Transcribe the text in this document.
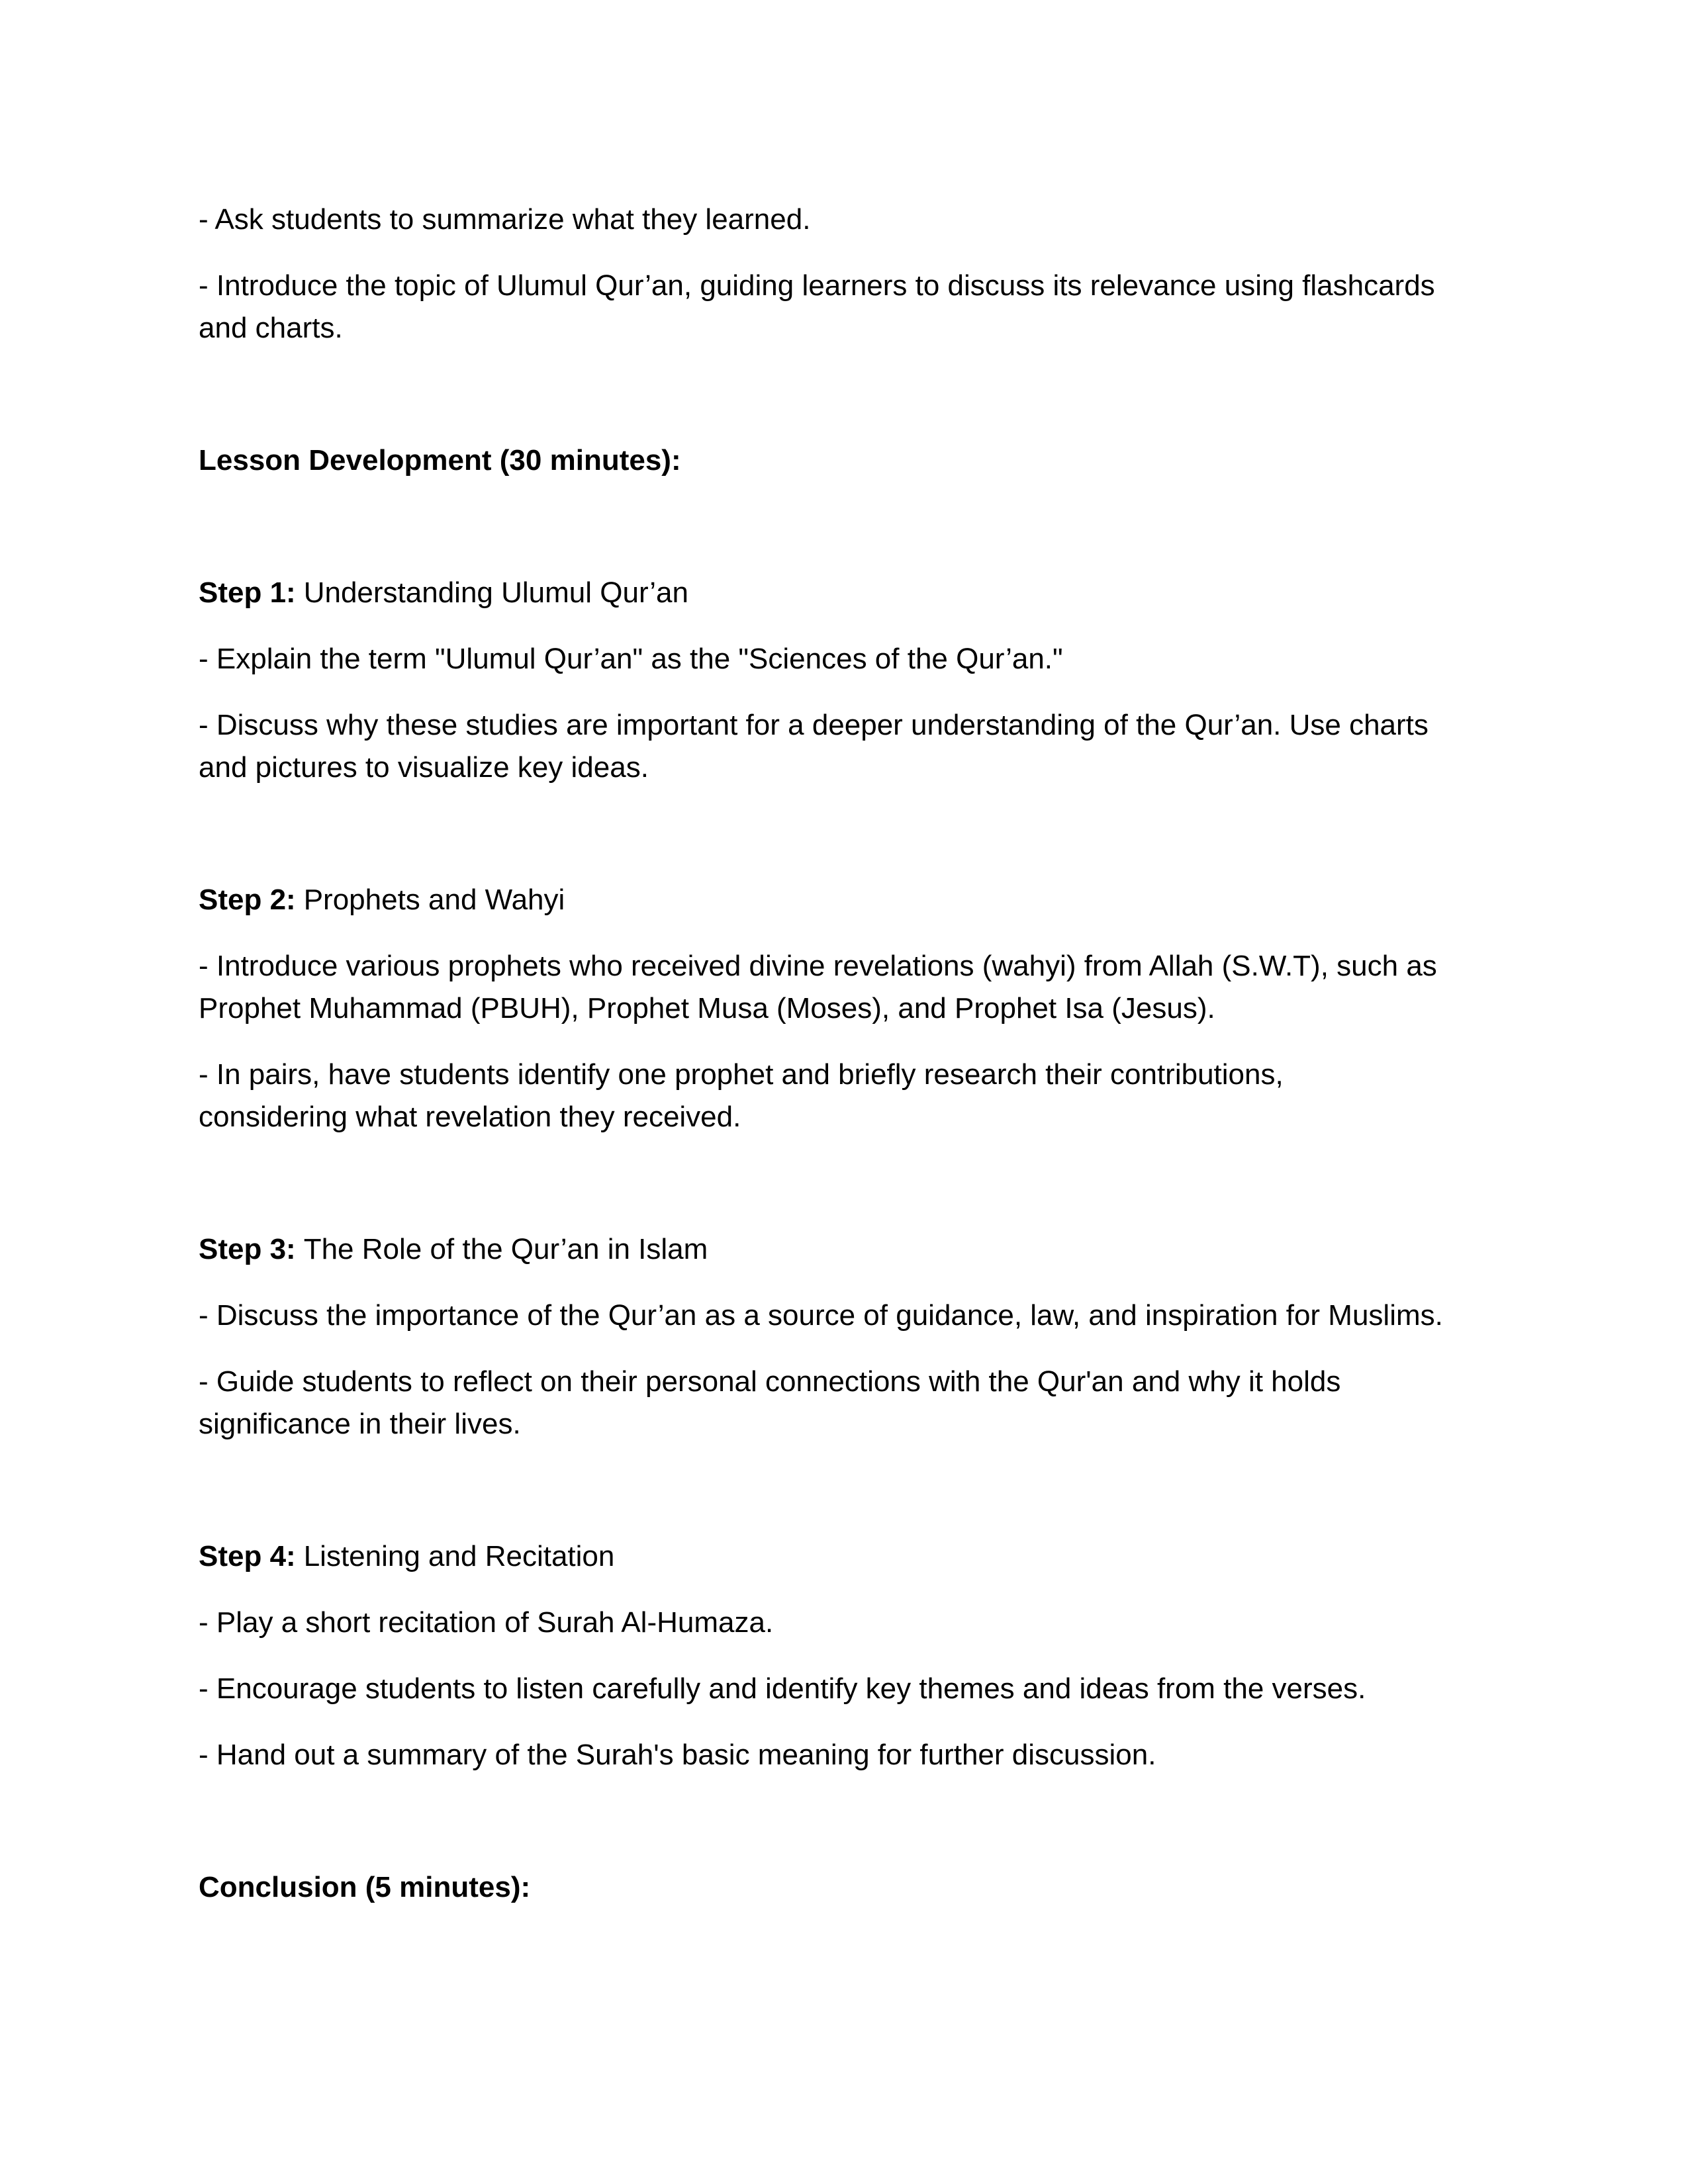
- Ask students to summarize what they learned.

- Introduce the topic of Ulumul Qur’an, guiding learners to discuss its relevance using flashcards
and charts.

Lesson Development (30 minutes):

Step 1: Understanding Ulumul Qur’an

- Explain the term "Ulumul Qur’an" as the "Sciences of the Qur’an."

- Discuss why these studies are important for a deeper understanding of the Qur’an. Use charts
and pictures to visualize key ideas.

Step 2: Prophets and Wahyi

- Introduce various prophets who received divine revelations (wahyi) from Allah (S.W.T), such as
Prophet Muhammad (PBUH), Prophet Musa (Moses), and Prophet Isa (Jesus).

- In pairs, have students identify one prophet and briefly research their contributions,
considering what revelation they received.

Step 3: The Role of the Qur’an in Islam

- Discuss the importance of the Qur’an as a source of guidance, law, and inspiration for Muslims.

- Guide students to reflect on their personal connections with the Qur'an and why it holds
significance in their lives.

Step 4: Listening and Recitation

- Play a short recitation of Surah Al-Humaza.

- Encourage students to listen carefully and identify key themes and ideas from the verses.

- Hand out a summary of the Surah's basic meaning for further discussion.

Conclusion (5 minutes):
